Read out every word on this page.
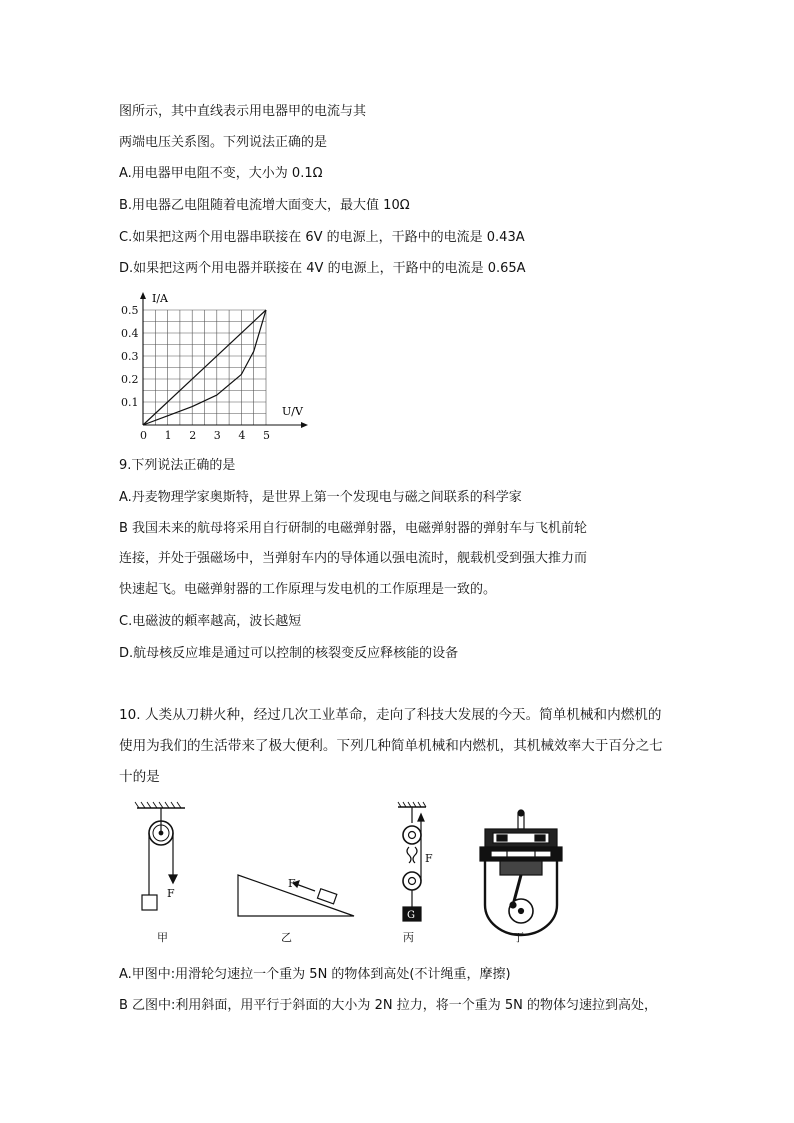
图所示，其中直线表示用电器甲的电流与其
两端电压关系图。下列说法正确的是
A.用电器甲电阻不变，大小为 0.1Ω
B.用电器乙电阻随着电流增大面变大，最大值 10Ω
C.如果把这两个用电器串联接在 6V 的电源上，干路中的电流是 0.43A
D.如果把这两个用电器并联接在 4V 的电源上，干路中的电流是 0.65A
0 1 2 3 4 5
0.1
0.2
0.3
0.4
0.5
I/A
U/V
9.下列说法正确的是
A.丹麦物理学家奥斯特，是世界上第一个发现电与磁之间联系的科学家
B 我国未来的航母将采用自行研制的电磁弹射器，电磁弹射器的弹射车与飞机前轮
连接，并处于强磁场中，当弹射车内的导体通以强电流时，舰载机受到强大推力而
快速起飞。电磁弹射器的工作原理与发电机的工作原理是一致的。
C.电磁波的頼率越高，波长越短
D.航母核反应堆是通过可以控制的核裂变反应释核能的设备
10. 人类从刀耕火种，经过几次工业革命，走向了科技大发展的今天。简单机械和内燃机的
使用为我们的生活带来了极大便利。下列几种简单机械和内燃机，其机械效率大于百分之七
十的是
F
甲
F
乙
F
G
丙	丁
A.甲图中:用滑轮匀速拉一个重为 5N 的物体到高处(不计绳重，摩擦)
B 乙图中:利用斜面，用平行于斜面的大小为 2N 拉力，将一个重为 5N 的物体匀速拉到高处，
